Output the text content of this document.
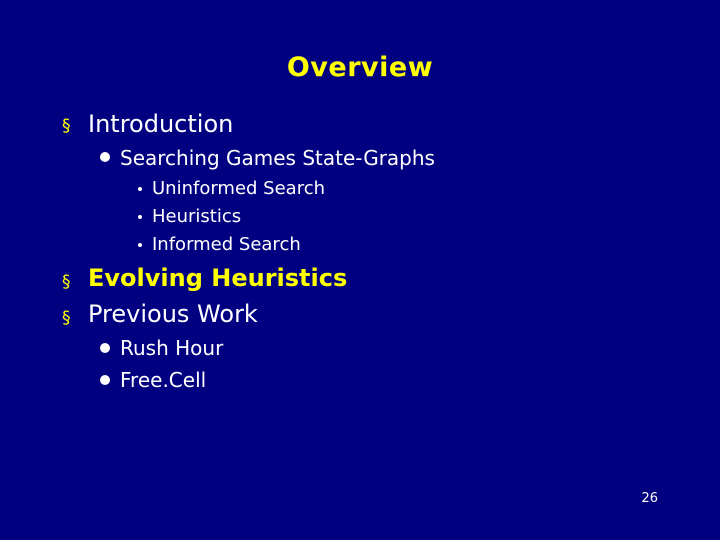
Overview
§ Introduction
Searching Games State-Graphs
Uninformed Search
Heuristics
Informed Search
§ Evolving Heuristics
§ Previous Work
Rush Hour
Free.Cell
26
